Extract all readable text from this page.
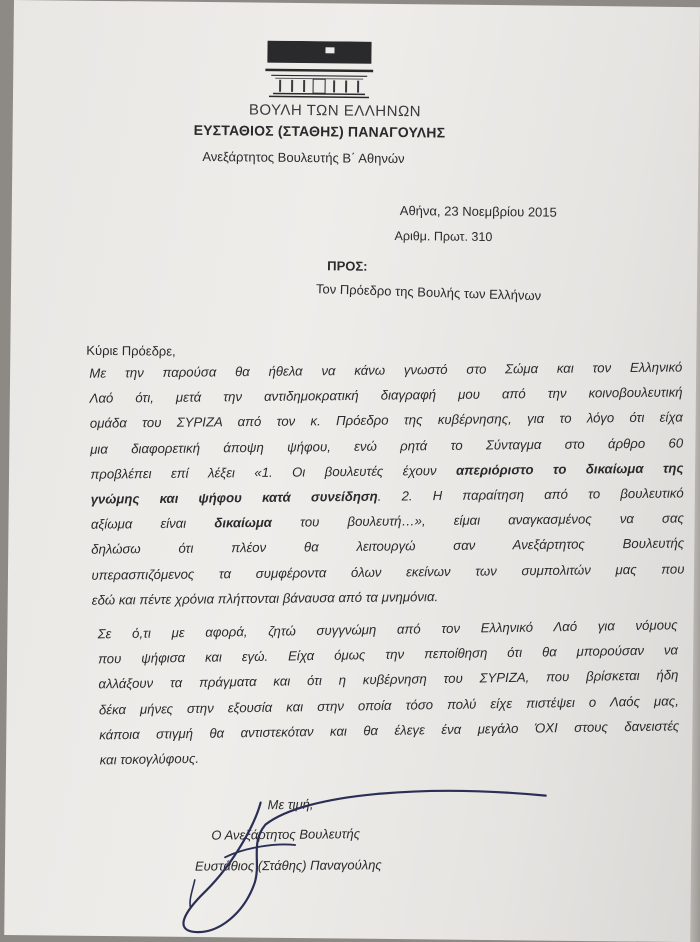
ΒΟΥΛΗ ΤΩΝ ΕΛΛΗΝΩΝ
ΕΥΣΤΑΘΙΟΣ (ΣΤΑΘΗΣ) ΠΑΝΑΓΟΥΛΗΣ
Ανεξάρτητος Βουλευτής Β΄ Αθηνών
Αθήνα, 23 Νοεμβρίου 2015
Αριθμ. Πρωτ. 310
ΠΡΟΣ:
Τον Πρόεδρο της Βουλής των Ελλήνων
Κύριε Πρόεδρε,
Με την παρούσα θα ήθελα να κάνω γνωστό στο Σώμα και τον Ελληνικό
Λαό ότι, μετά την αντιδημοκρατική διαγραφή μου από την κοινοβουλευτική
ομάδα του ΣΥΡΙΖΑ από τον κ. Πρόεδρο της κυβέρνησης, για το λόγο ότι είχα
μια διαφορετική άποψη ψήφου, ενώ ρητά το Σύνταγμα στο άρθρο 60
προβλέπει επί λέξει «1. Οι βουλευτές έχουν απεριόριστο το δικαίωμα της
γνώμης και ψήφου κατά συνείδηση. 2. Η παραίτηση από το βουλευτικό
αξίωμα είναι δικαίωμα του βουλευτή…», είμαι αναγκασμένος να σας
δηλώσω ότι πλέον θα λειτουργώ σαν Ανεξάρτητος Βουλευτής
υπερασπιζόμενος τα συμφέροντα όλων εκείνων των συμπολιτών μας που
εδώ και πέντε χρόνια πλήττονται βάναυσα από τα μνημόνια.
Σε ό,τι με αφορά, ζητώ συγγνώμη από τον Ελληνικό Λαό για νόμους
που ψήφισα και εγώ. Είχα όμως την πεποίθηση ότι θα μπορούσαν να
αλλάξουν τα πράγματα και ότι η κυβέρνηση του ΣΥΡΙΖΑ, που βρίσκεται ήδη
δέκα μήνες στην εξουσία και στην οποία τόσο πολύ είχε πιστέψει ο Λαός μας,
κάποια στιγμή θα αντιστεκόταν και θα έλεγε ένα μεγάλο ΌΧΙ στους δανειστές
και τοκογλύφους.
Με τιμή,
Ο Ανεξάρτητος Βουλευτής
Ευστάθιος (Στάθης) Παναγούλης
